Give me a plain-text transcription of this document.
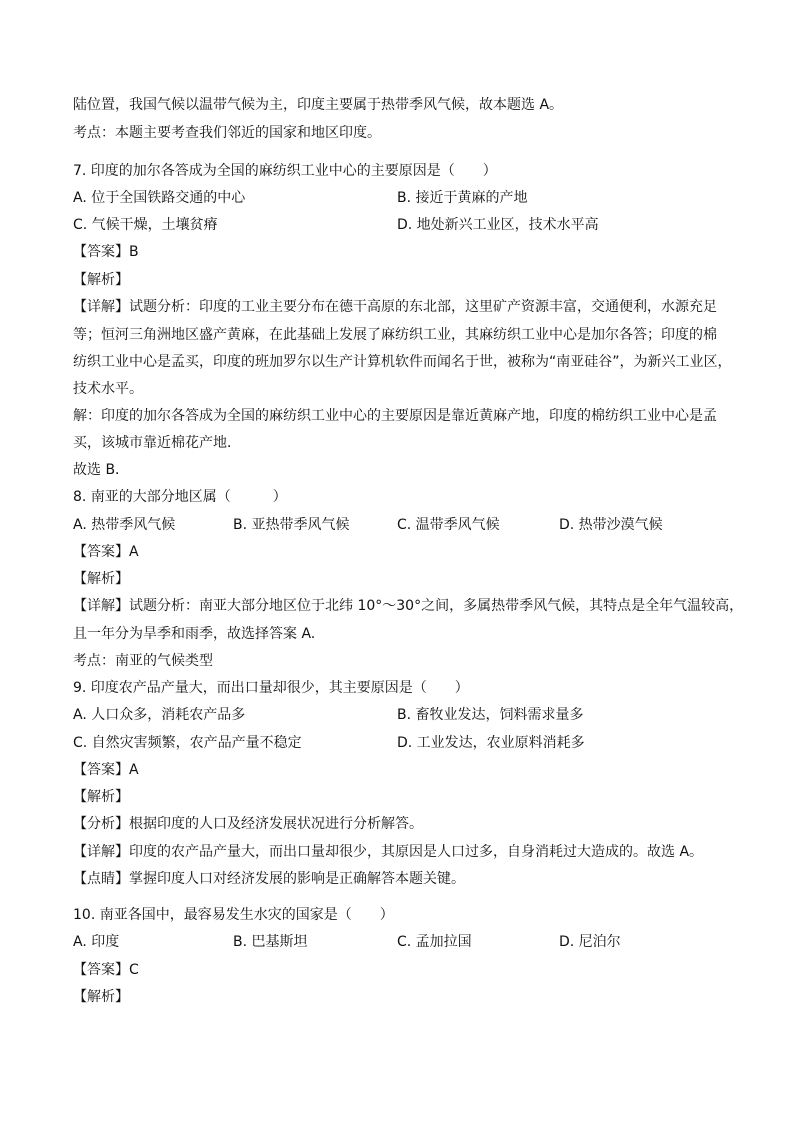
陆位置，我国气候以温带气候为主，印度主要属于热带季风气候，故本题选 A。
考点：本题主要考查我们邻近的国家和地区印度。
7. 印度的加尔各答成为全国的麻纺织工业中心的主要原因是（　　）
A. 位于全国铁路交通的中心	B. 接近于黄麻的产地
C. 气候干燥，土壤贫瘠	D. 地处新兴工业区，技术水平高
【答案】B
【解析】
【详解】试题分析：印度的工业主要分布在德干高原的东北部，这里矿产资源丰富，交通便利，水源充足
等；恒河三角洲地区盛产黄麻，在此基础上发展了麻纺织工业，其麻纺织工业中心是加尔各答；印度的棉
纺织工业中心是孟买，印度的班加罗尔以生产计算机软件而闻名于世，被称为“南亚硅谷”，为新兴工业区，
技术水平。
解：印度的加尔各答成为全国的麻纺织工业中心的主要原因是靠近黄麻产地，印度的棉纺织工业中心是孟
买，该城市靠近棉花产地．
故选 B．
8. 南亚的大部分地区属（　　　）
A. 热带季风气候	B. 亚热带季风气候	C. 温带季风气候	D. 热带沙漠气候
【答案】A
【解析】
【详解】试题分析：南亚大部分地区位于北纬 10°～30°之间，多属热带季风气候，其特点是全年气温较高，
且一年分为旱季和雨季，故选择答案 A.
考点：南亚的气候类型
9. 印度农产品产量大，而出口量却很少，其主要原因是（　　）
A. 人口众多，消耗农产品多	B. 畜牧业发达，饲料需求量多
C. 自然灾害频繁，农产品产量不稳定	D. 工业发达，农业原料消耗多
【答案】A
【解析】
【分析】根据印度的人口及经济发展状况进行分析解答。
【详解】印度的农产品产量大，而出口量却很少，其原因是人口过多，自身消耗过大造成的。故选 A。
【点睛】掌握印度人口对经济发展的影响是正确解答本题关键。
10. 南亚各国中，最容易发生水灾的国家是（　　）
A. 印度	B. 巴基斯坦	C. 孟加拉国	D. 尼泊尔
【答案】C
【解析】
